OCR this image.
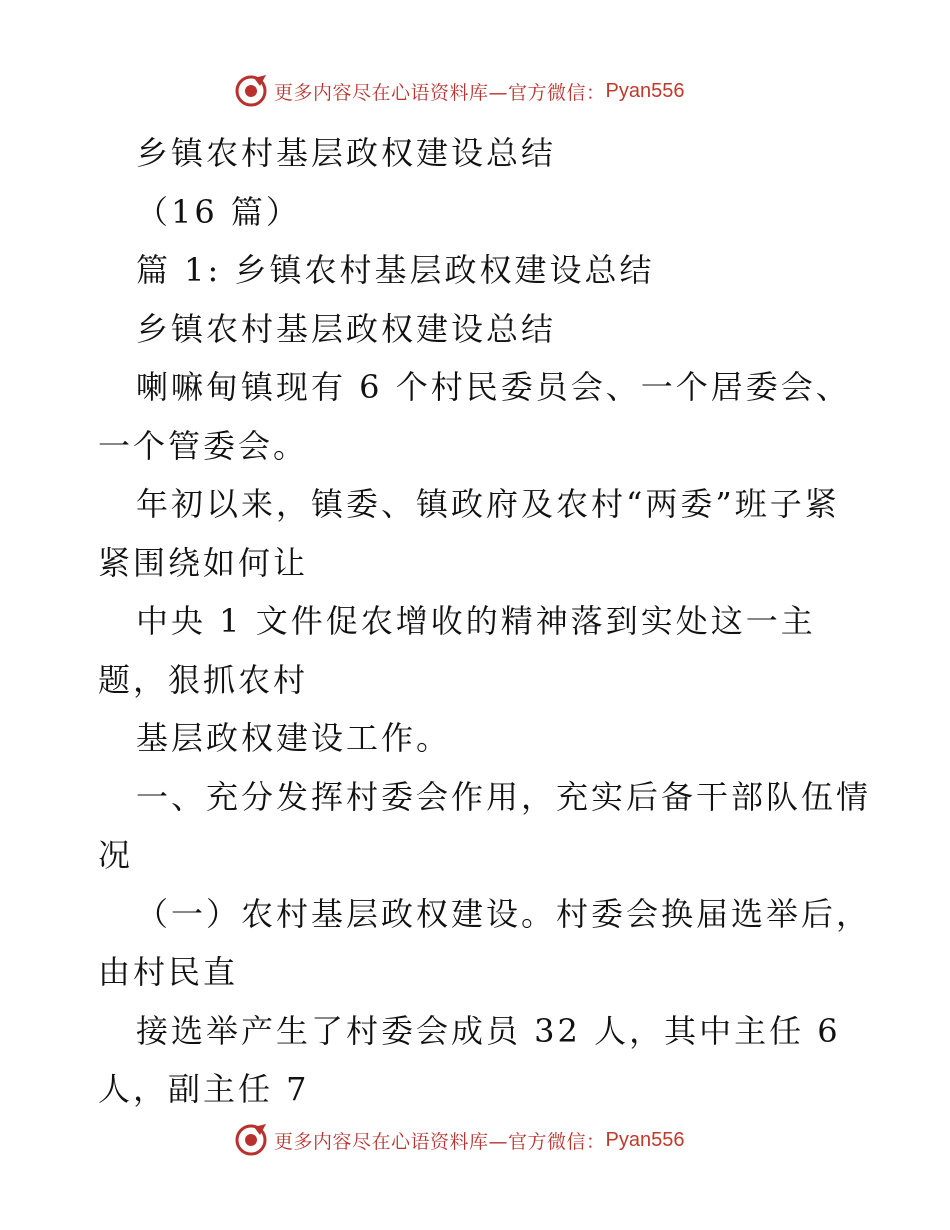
更多内容尽在心语资料库—官方微信： Pyan556
乡镇农村基层政权建设总结
（16 篇）
篇 1: 乡镇农村基层政权建设总结
乡镇农村基层政权建设总结
喇嘛甸镇现有 6 个村民委员会、一个居委会、
一个管委会。
年初以来，镇委、镇政府及农村“两委”班子紧
紧围绕如何让
中央 1 文件促农增收的精神落到实处这一主
题，狠抓农村
基层政权建设工作。
一、充分发挥村委会作用，充实后备干部队伍情
况
（一）农村基层政权建设。村委会换届选举后，
由村民直
接选举产生了村委会成员 32 人，其中主任 6
人，副主任 7
更多内容尽在心语资料库—官方微信： Pyan556
